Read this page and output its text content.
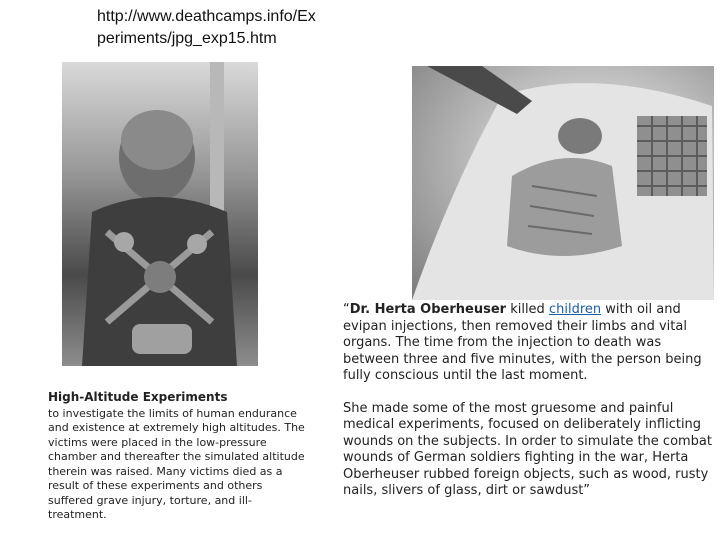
http://www.deathcamps.info/Ex
periments/jpg_exp15.htm
High-Altitude Experiments
to investigate the limits of human endurance and existence at extremely high altitudes. The victims were placed in the low-pressure chamber and thereafter the simulated altitude therein was raised. Many victims died as a result of these experiments and others suffered grave injury, torture, and ill-treatment.

“Dr. Herta Oberheuser killed children with oil and evipan injections, then removed their limbs and vital organs. The time from the injection to death was between three and five minutes, with the person being fully conscious until the last moment.

She made some of the most gruesome and painful medical experiments, focused on deliberately inflicting wounds on the subjects. In order to simulate the combat wounds of German soldiers fighting in the war, Herta Oberheuser rubbed foreign objects, such as wood, rusty nails, slivers of glass, dirt or sawdust”
